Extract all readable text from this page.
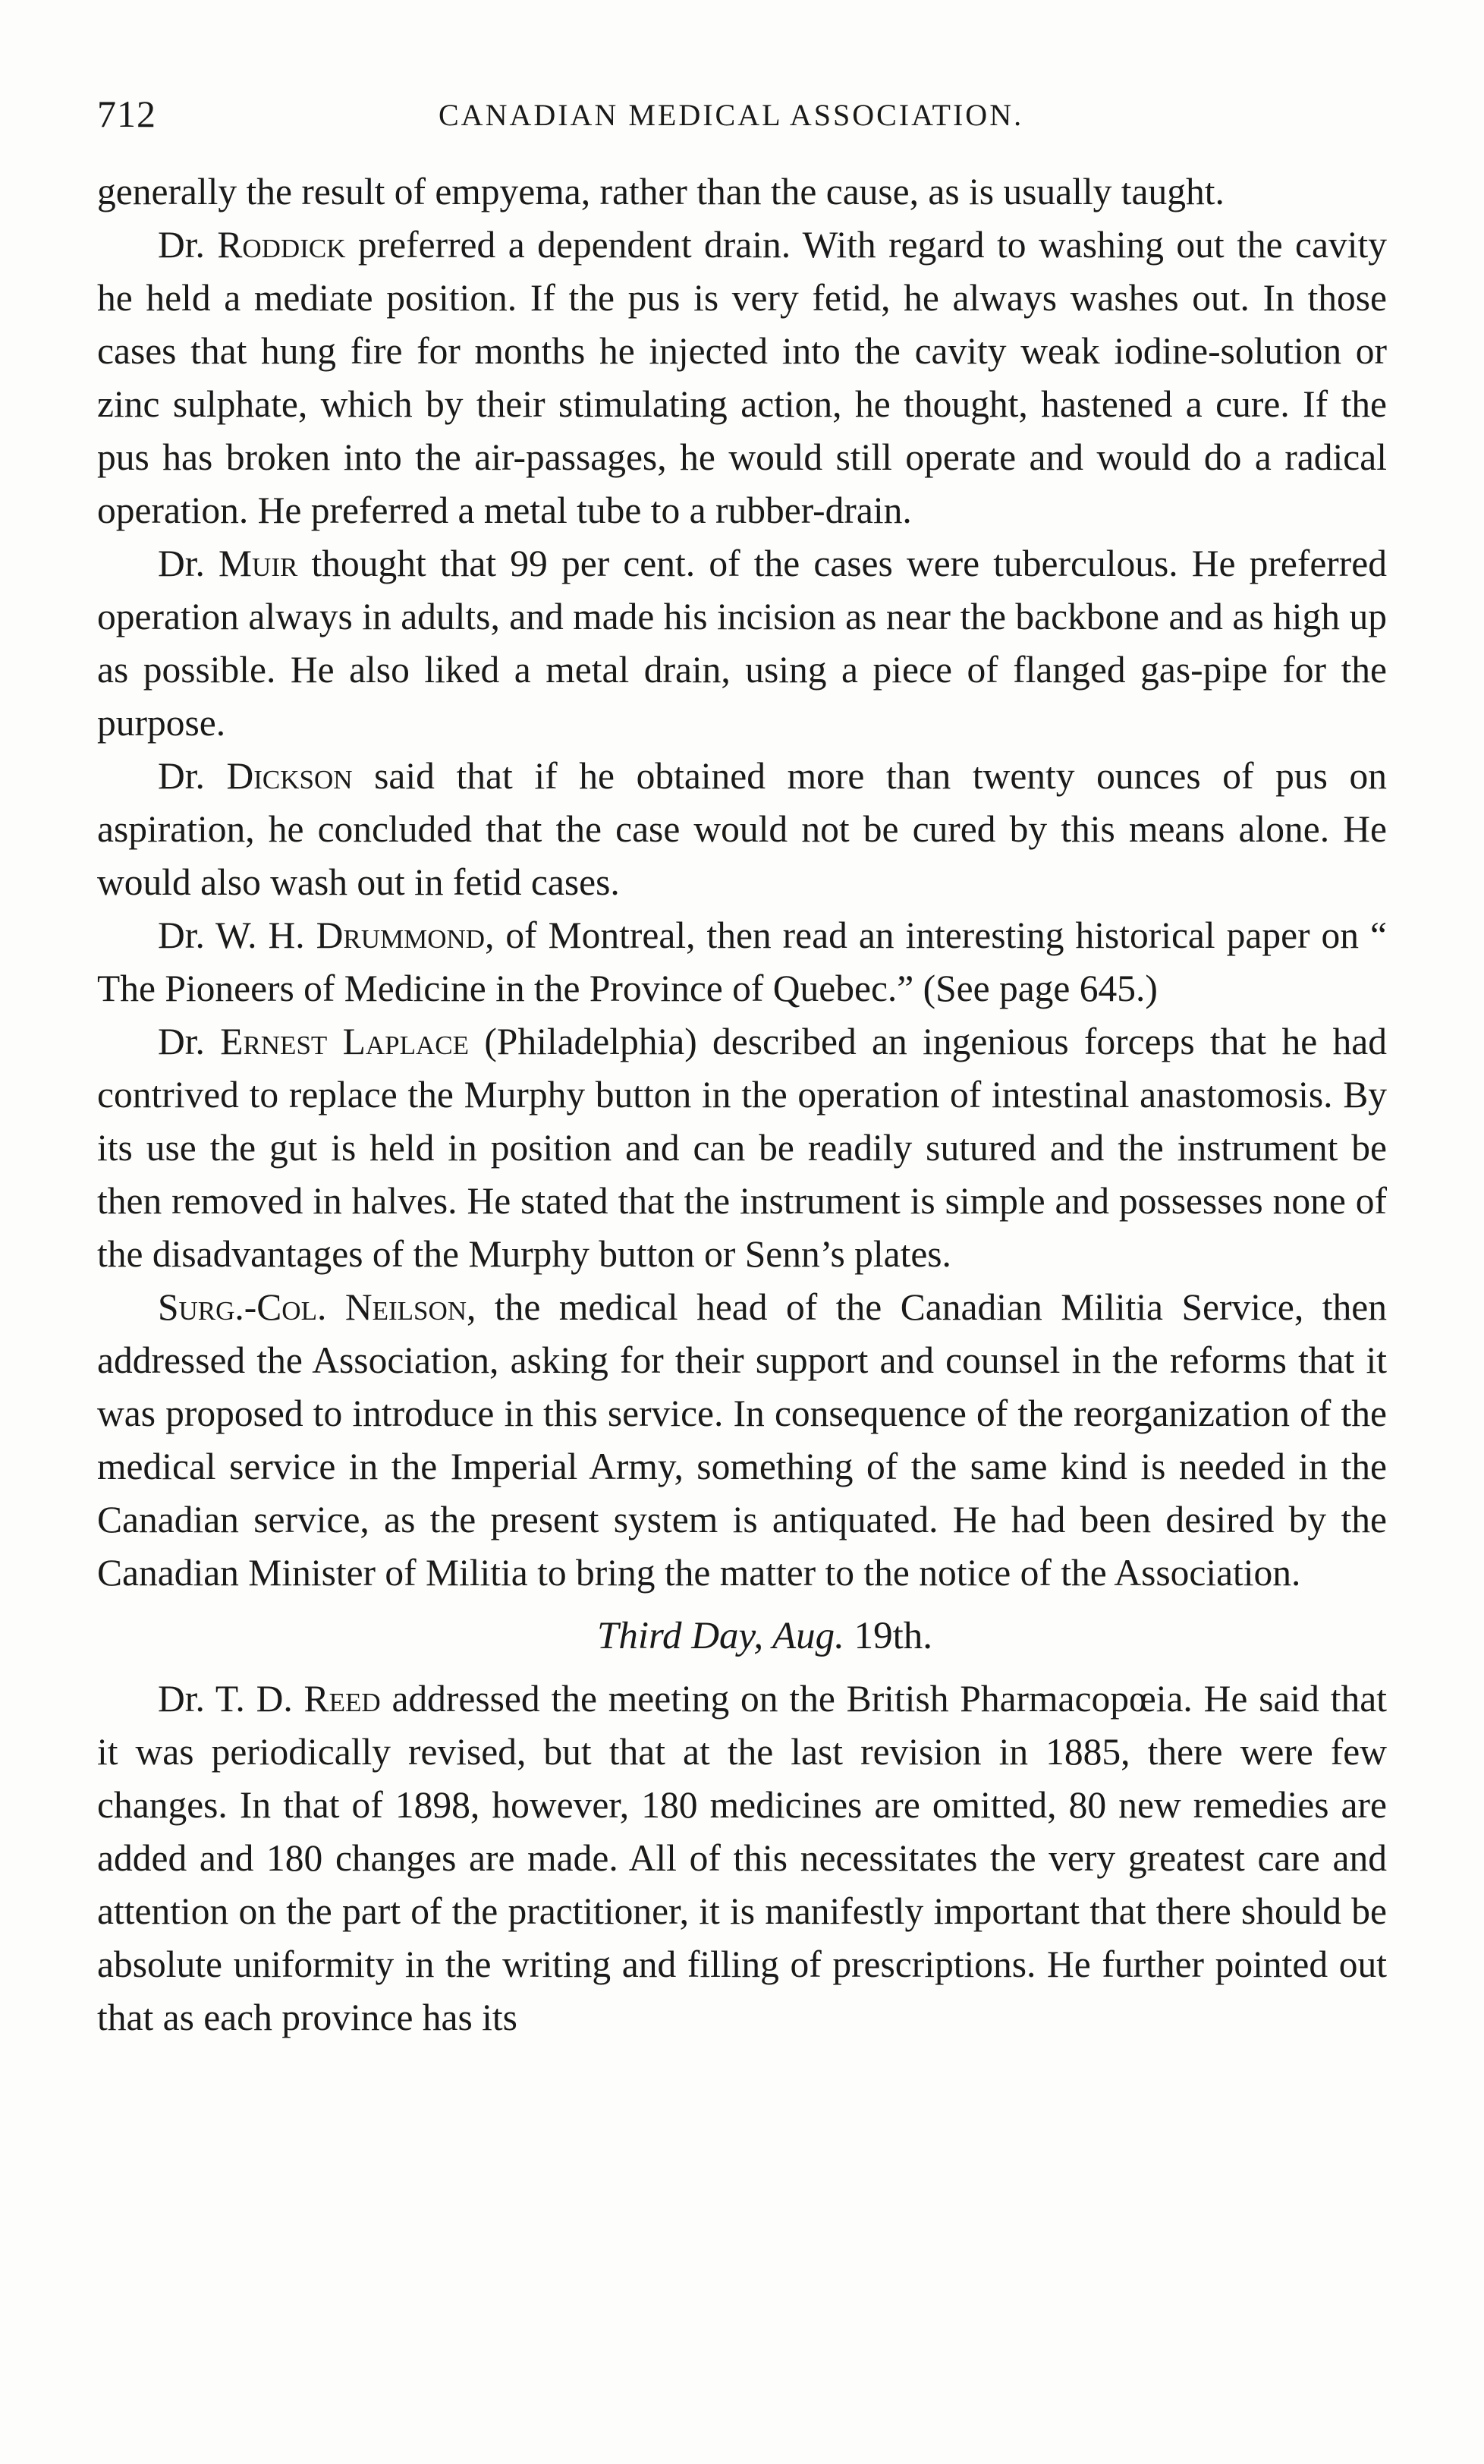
712	CANADIAN MEDICAL ASSOCIATION.

generally the result of empyema, rather than the cause, as is usually taught.

Dr. Roddick preferred a dependent drain. With regard to washing out the cavity he held a mediate position. If the pus is very fetid, he always washes out. In those cases that hung fire for months he injected into the cavity weak iodine-solution or zinc sulphate, which by their stimulating action, he thought, hastened a cure. If the pus has broken into the air-passages, he would still operate and would do a radical operation. He preferred a metal tube to a rubber-drain.

Dr. Muir thought that 99 per cent. of the cases were tuberculous. He preferred operation always in adults, and made his incision as near the backbone and as high up as possible. He also liked a metal drain, using a piece of flanged gas-pipe for the purpose.

Dr. Dickson said that if he obtained more than twenty ounces of pus on aspiration, he concluded that the case would not be cured by this means alone. He would also wash out in fetid cases.

Dr. W. H. Drummond, of Montreal, then read an interesting historical paper on “ The Pioneers of Medicine in the Province of Quebec.” (See page 645.)

Dr. Ernest Laplace (Philadelphia) described an ingenious forceps that he had contrived to replace the Murphy button in the operation of intestinal anastomosis. By its use the gut is held in position and can be readily sutured and the instrument be then removed in halves. He stated that the instrument is simple and possesses none of the disadvantages of the Murphy button or Senn’s plates.

Surg.-Col. Neilson, the medical head of the Canadian Militia Service, then addressed the Association, asking for their support and counsel in the reforms that it was proposed to introduce in this service. In consequence of the reorganization of the medical service in the Imperial Army, something of the same kind is needed in the Canadian service, as the present system is antiquated. He had been desired by the Canadian Minister of Militia to bring the matter to the notice of the Association.

Third Day, Aug. 19th.

Dr. T. D. Reed addressed the meeting on the British Pharmacopœia. He said that it was periodically revised, but that at the last revision in 1885, there were few changes. In that of 1898, however, 180 medicines are omitted, 80 new remedies are added and 180 changes are made. All of this necessitates the very greatest care and attention on the part of the practitioner, it is manifestly important that there should be absolute uniformity in the writing and filling of prescriptions. He further pointed out that as each province has its
